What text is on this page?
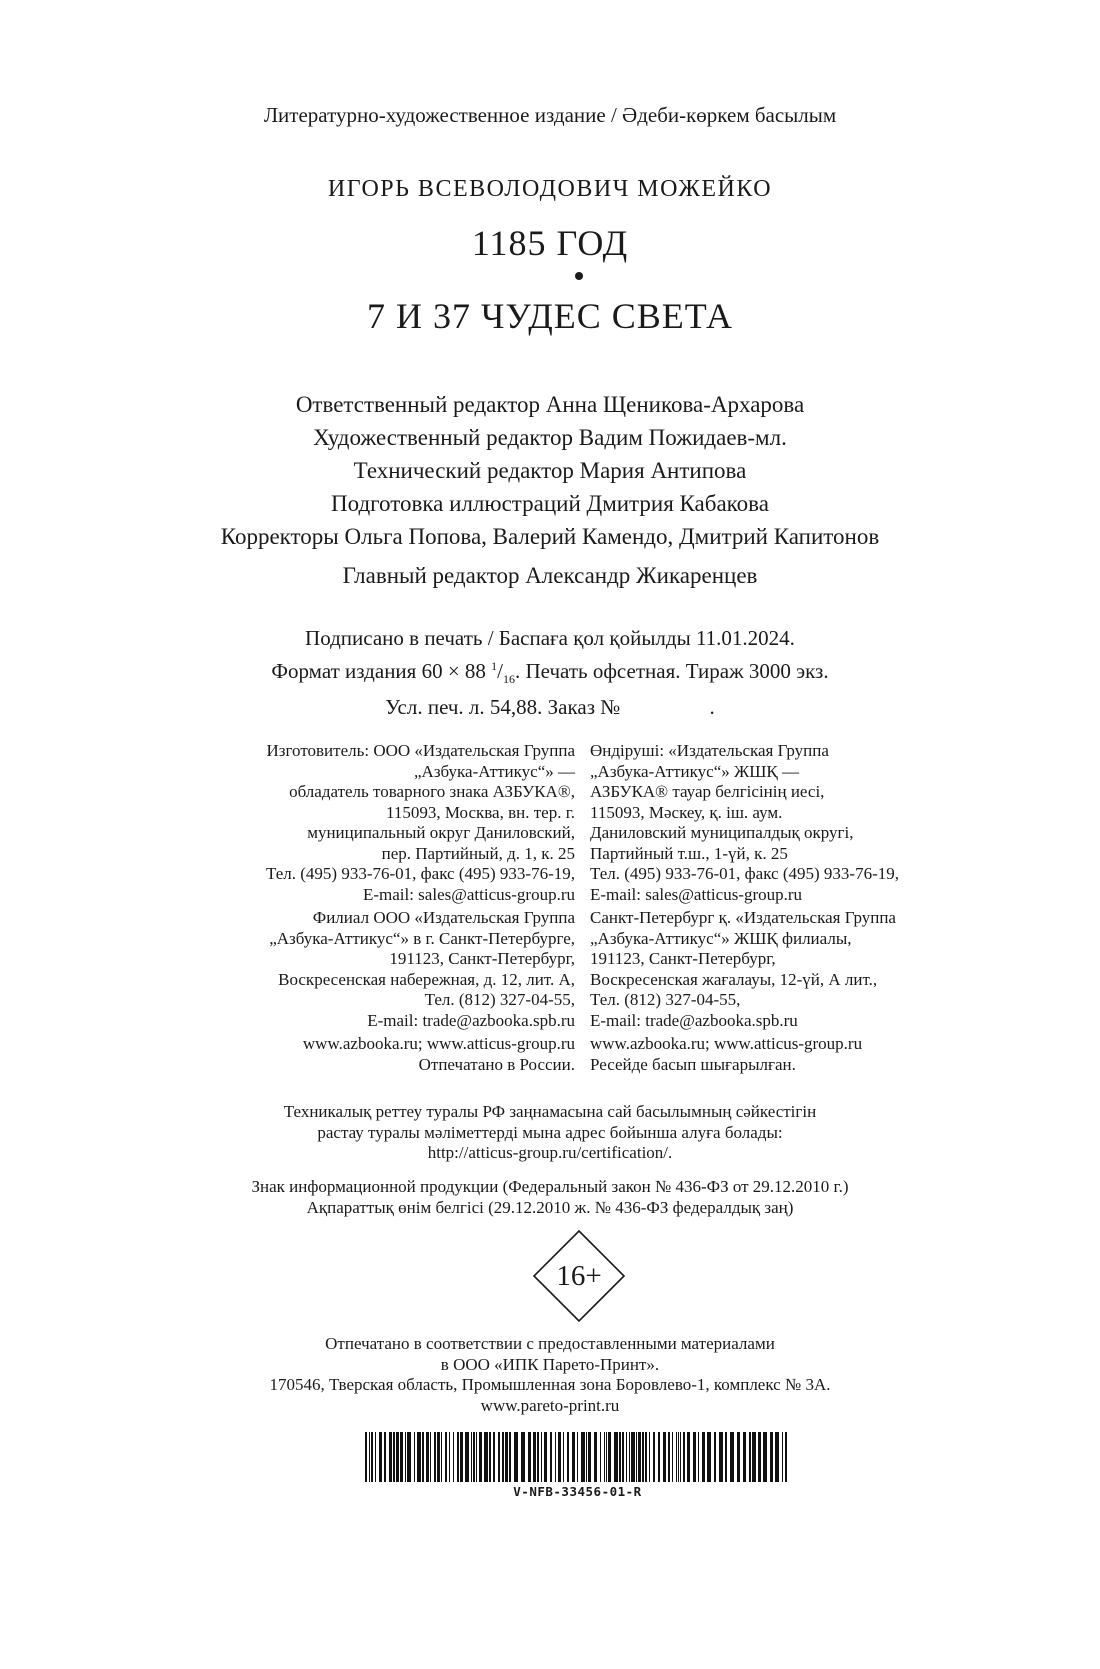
Литературно-художественное издание / Әдеби-көркем басылым
ИГОРЬ ВСЕВОЛОДОВИЧ МОЖЕЙКО
1185 ГОД
7 И 37 ЧУДЕС СВЕТА
Ответственный редактор Анна Щеникова-Архарова
Художественный редактор Вадим Пожидаев-мл.
Технический редактор Мария Антипова
Подготовка иллюстраций Дмитрия Кабакова
Корректоры Ольга Попова, Валерий Камендо, Дмитрий Капитонов
Главный редактор Александр Жикаренцев
Подписано в печать / Баспаға қол қойылды 11.01.2024.
Формат издания 60 × 88 $^1/_{16}$. Печать офсетная. Тираж 3000 экз.
Усл. печ. л. 54,88. Заказ №                 .
Изготовитель: ООО «Издательская Группа
„Азбука-Аттикус“» —
обладатель товарного знака АЗБУКА®,
115093, Москва, вн. тер. г.
муниципальный округ Даниловский,
пер. Партийный, д. 1, к. 25
Тел. (495) 933-76-01, факс (495) 933-76-19,
E-mail: sales@atticus-group.ru
Өндіруші: «Издательская Группа
„Азбука-Аттикус“» ЖШҚ —
АЗБУКА® тауар белгісінің иесі,
115093, Мәскеу, қ. іш. аум.
Даниловский муниципалдық округі,
Партийный т.ш., 1-үй, к. 25
Тел. (495) 933-76-01, факс (495) 933-76-19,
E-mail: sales@atticus-group.ru
Филиал ООО «Издательская Группа
„Азбука-Аттикус“» в г. Санкт-Петербурге,
191123, Санкт-Петербург,
Воскресенская набережная, д. 12, лит. А,
Тел. (812) 327-04-55,
E-mail: trade@azbooka.spb.ru
Санкт-Петербург қ. «Издательская Группа
„Азбука-Аттикус“» ЖШҚ филиалы,
191123, Санкт-Петербург,
Воскресенская жағалауы, 12-үй, А лит.,
Тел. (812) 327-04-55,
E-mail: trade@azbooka.spb.ru
www.azbooka.ru; www.atticus-group.ru
Отпечатано в России.
www.azbooka.ru; www.atticus-group.ru
Ресейде басып шығарылған.
Техникалық реттеу туралы РФ заңнамасына сай басылымның сәйкестігін
растау туралы мәліметтерді мына адрес бойынша алуға болады:
http://atticus-group.ru/certification/.
Знак информационной продукции (Федеральный закон № 436-ФЗ от 29.12.2010 г.)
Ақпараттық өнім белгісі (29.12.2010 ж. № 436-ФЗ федералдық заң)
16+
Отпечатано в соответствии с предоставленными материалами
в ООО «ИПК Парето-Принт».
170546, Тверская область, Промышленная зона Боровлево-1, комплекс № 3А.
www.pareto-print.ru
V-NFB-33456-01-R
